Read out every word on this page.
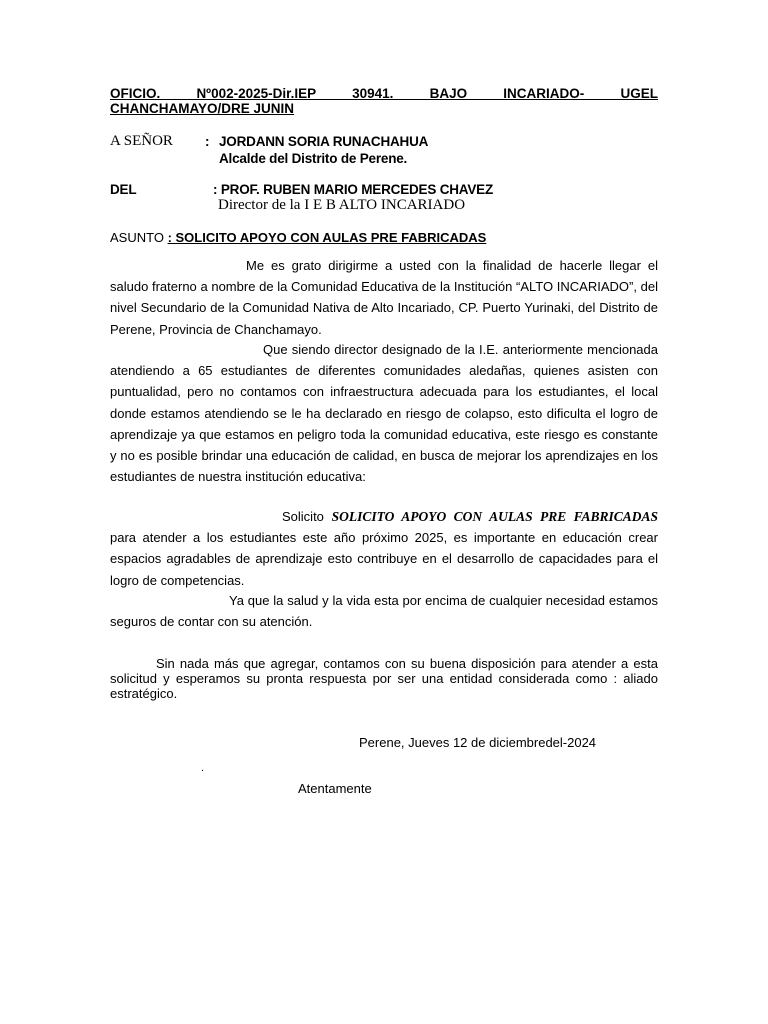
OFICIO. Nº002-2025-Dir.IEP 30941. BAJO INCARIADO- UGEL
CHANCHAMAYO/DRE JUNIN
A SEÑOR : JORDANN SORIA RUNACHAHUA
Alcalde del Distrito de Perene.
DEL	: PROF. RUBEN MARIO MERCEDES CHAVEZ
Director de la I E B ALTO INCARIADO
ASUNTO : SOLICITO APOYO CON AULAS PRE FABRICADAS
Me es grato dirigirme a usted con la finalidad de hacerle llegar el saludo fraterno a nombre de la Comunidad Educativa de la Institución “ALTO INCARIADO”, del nivel Secundario de la Comunidad Nativa de Alto Incariado, CP. Puerto Yurinaki, del Distrito de Perene, Provincia de Chanchamayo.
Que siendo director designado de la I.E. anteriormente mencionada atendiendo a 65 estudiantes de diferentes comunidades aledañas, quienes asisten con puntualidad, pero no contamos con infraestructura adecuada para los estudiantes, el local donde estamos atendiendo se le ha declarado en riesgo de colapso, esto dificulta el logro de aprendizaje ya que estamos en peligro toda la comunidad educativa, este riesgo es constante y no es posible brindar una educación de calidad, en busca de mejorar los aprendizajes en los estudiantes de nuestra institución educativa:
Solicito SOLICITO APOYO CON AULAS PRE FABRICADAS para atender a los estudiantes este año próximo 2025, es importante en educación crear espacios agradables de aprendizaje esto contribuye en el desarrollo de capacidades para el logro de competencias.
Ya que la salud y la vida esta por encima de cualquier necesidad estamos seguros de contar con su atención.
Sin nada más que agregar, contamos con su buena disposición para atender a esta solicitud y esperamos su pronta respuesta por ser una entidad considerada como : aliado estratégico.
Perene, Jueves 12 de diciembredel-2024
.
Atentamente
